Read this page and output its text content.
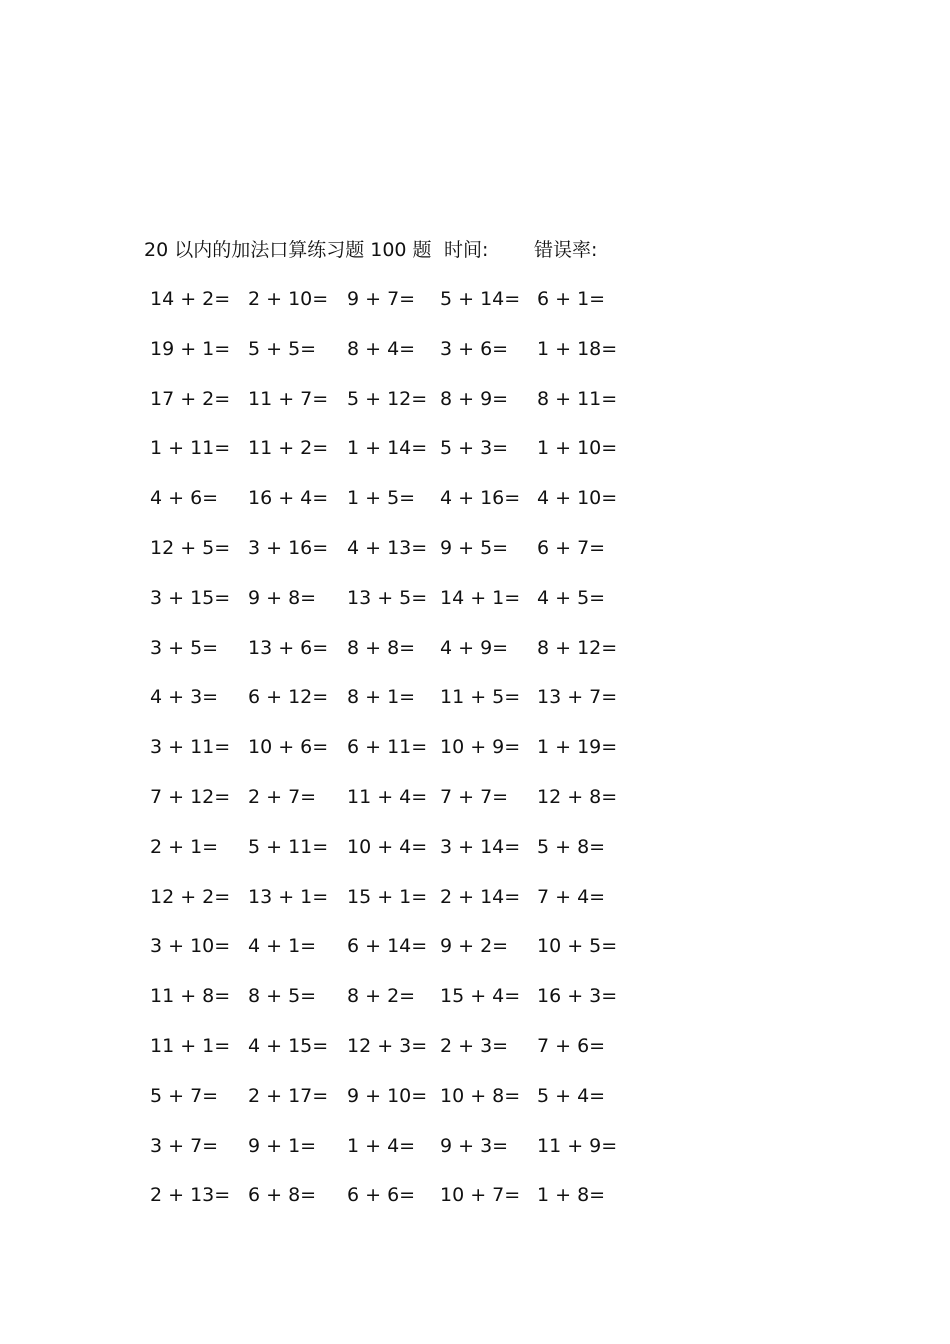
20 以内的加法口算练习题 100 题 时间: 错误率:
14 + 2= 2 + 10= 9 + 7= 5 + 14= 6 + 1=
19 + 1= 5 + 5= 8 + 4= 3 + 6= 1 + 18=
17 + 2= 11 + 7= 5 + 12= 8 + 9= 8 + 11=
1 + 11= 11 + 2= 1 + 14= 5 + 3= 1 + 10=
4 + 6= 16 + 4= 1 + 5= 4 + 16= 4 + 10=
12 + 5= 3 + 16= 4 + 13= 9 + 5= 6 + 7=
3 + 15= 9 + 8= 13 + 5= 14 + 1= 4 + 5=
3 + 5= 13 + 6= 8 + 8= 4 + 9= 8 + 12=
4 + 3= 6 + 12= 8 + 1= 11 + 5= 13 + 7=
3 + 11= 10 + 6= 6 + 11= 10 + 9= 1 + 19=
7 + 12= 2 + 7= 11 + 4= 7 + 7= 12 + 8=
2 + 1= 5 + 11= 10 + 4= 3 + 14= 5 + 8=
12 + 2= 13 + 1= 15 + 1= 2 + 14= 7 + 4=
3 + 10= 4 + 1= 6 + 14= 9 + 2= 10 + 5=
11 + 8= 8 + 5= 8 + 2= 15 + 4= 16 + 3=
11 + 1= 4 + 15= 12 + 3= 2 + 3= 7 + 6=
5 + 7= 2 + 17= 9 + 10= 10 + 8= 5 + 4=
3 + 7= 9 + 1= 1 + 4= 9 + 3= 11 + 9=
2 + 13= 6 + 8= 6 + 6= 10 + 7= 1 + 8=
